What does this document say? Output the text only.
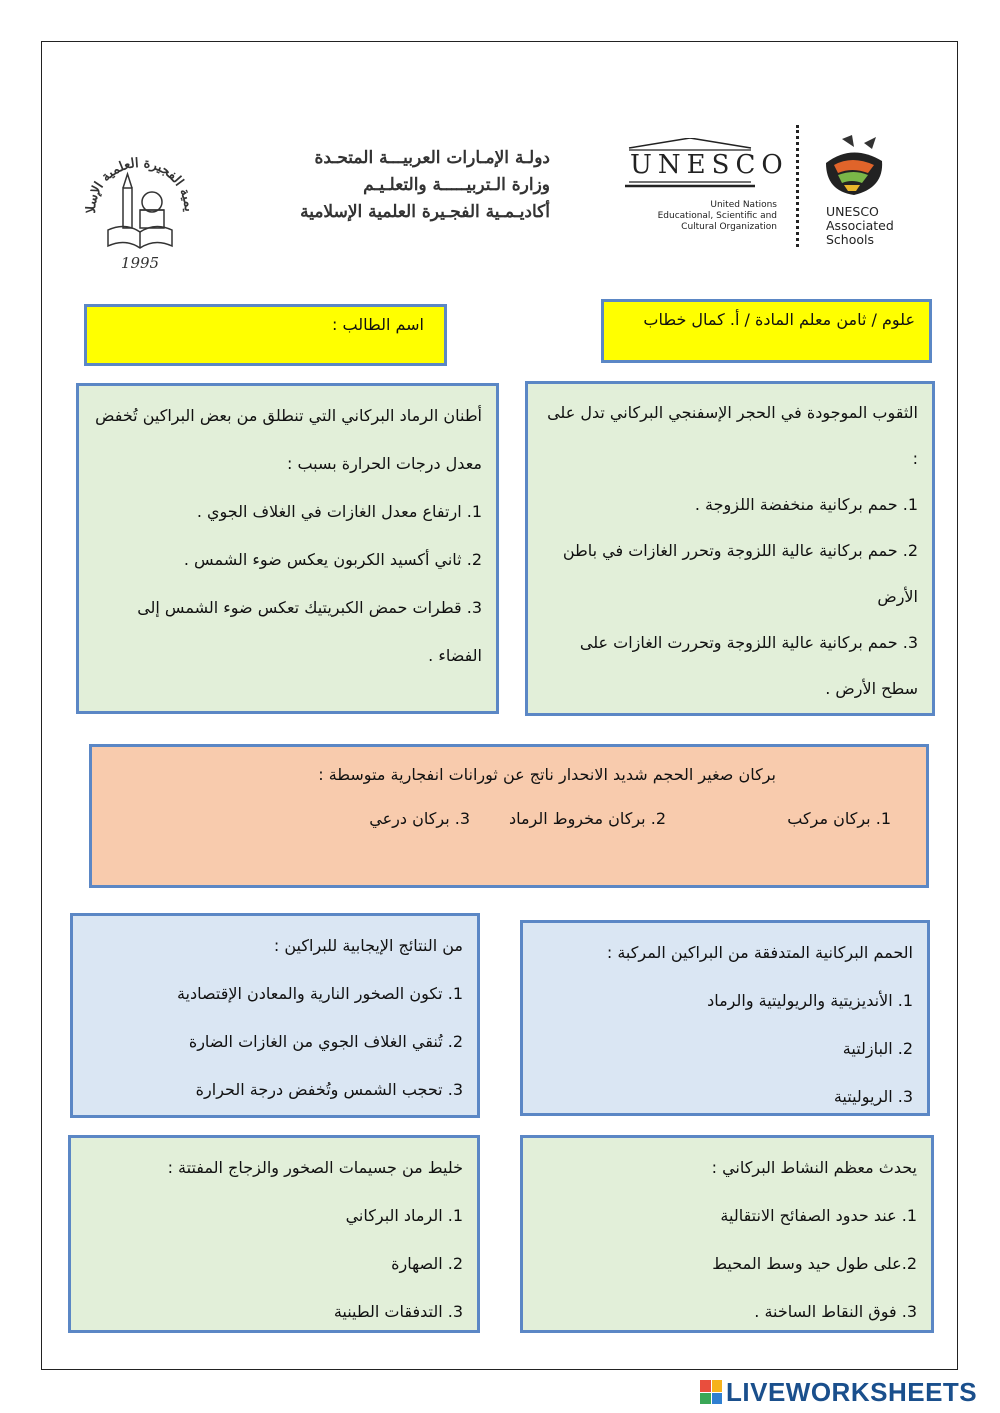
يمية الفجيرة العلمية الإسلامية
1995
دولـة الإمـارات العربيـــة المتحـدة
وزارة الـتربيـــــة والتعلـيـم
أكاديـمـية الفجـيرة العلمية الإسلامية
UNESCO
United Nations
Educational, Scientific and
Cultural Organization
UNESCO
Associated
Schools
اسم الطالب :	علوم / ثامن معلم المادة / أ. كمال خطاب
الثقوب الموجودة في الحجر الإسفنجي البركاني تدل على :
1. حمم بركانية منخفضة اللزوجة .
2. حمم بركانية عالية اللزوجة وتحرر الغازات في باطن الأرض
3. حمم بركانية عالية اللزوجة وتحررت الغازات على سطح الأرض .
أطنان الرماد البركاني التي تنطلق من بعض البراكين تُخفض معدل درجات الحرارة بسبب :
1. ارتفاع معدل الغازات في الغلاف الجوي .
2. ثاني أكسيد الكربون يعكس ضوء الشمس .
3. قطرات حمض الكبريتيك تعكس ضوء الشمس إلى الفضاء .
بركان صغير الحجم شديد الانحدار ناتج عن ثورانات انفجارية متوسطة :
1. بركان مركب
2. بركان مخروط الرماد
3. بركان درعي
الحمم البركانية المتدفقة من البراكين المركبة :
1. الأنديزيتية والريوليتية والرماد
2. البازلتية
3. الريوليتية
من النتائج الإيجابية للبراكين :
1. تكون الصخور النارية والمعادن الإقتصادية
2. تُنقي الغلاف الجوي من الغازات الضارة
3. تحجب الشمس وتُخفض درجة الحرارة
يحدث معظم النشاط البركاني :
1. عند حدود الصفائح الانتقالية
2.على طول حيد وسط المحيط
3. فوق النقاط الساخنة .
خليط من جسيمات الصخور والزجاج المفتتة :
1. الرماد البركاني
2. الصهارة
3. التدفقات الطينية
LIVEWORKSHEETS
